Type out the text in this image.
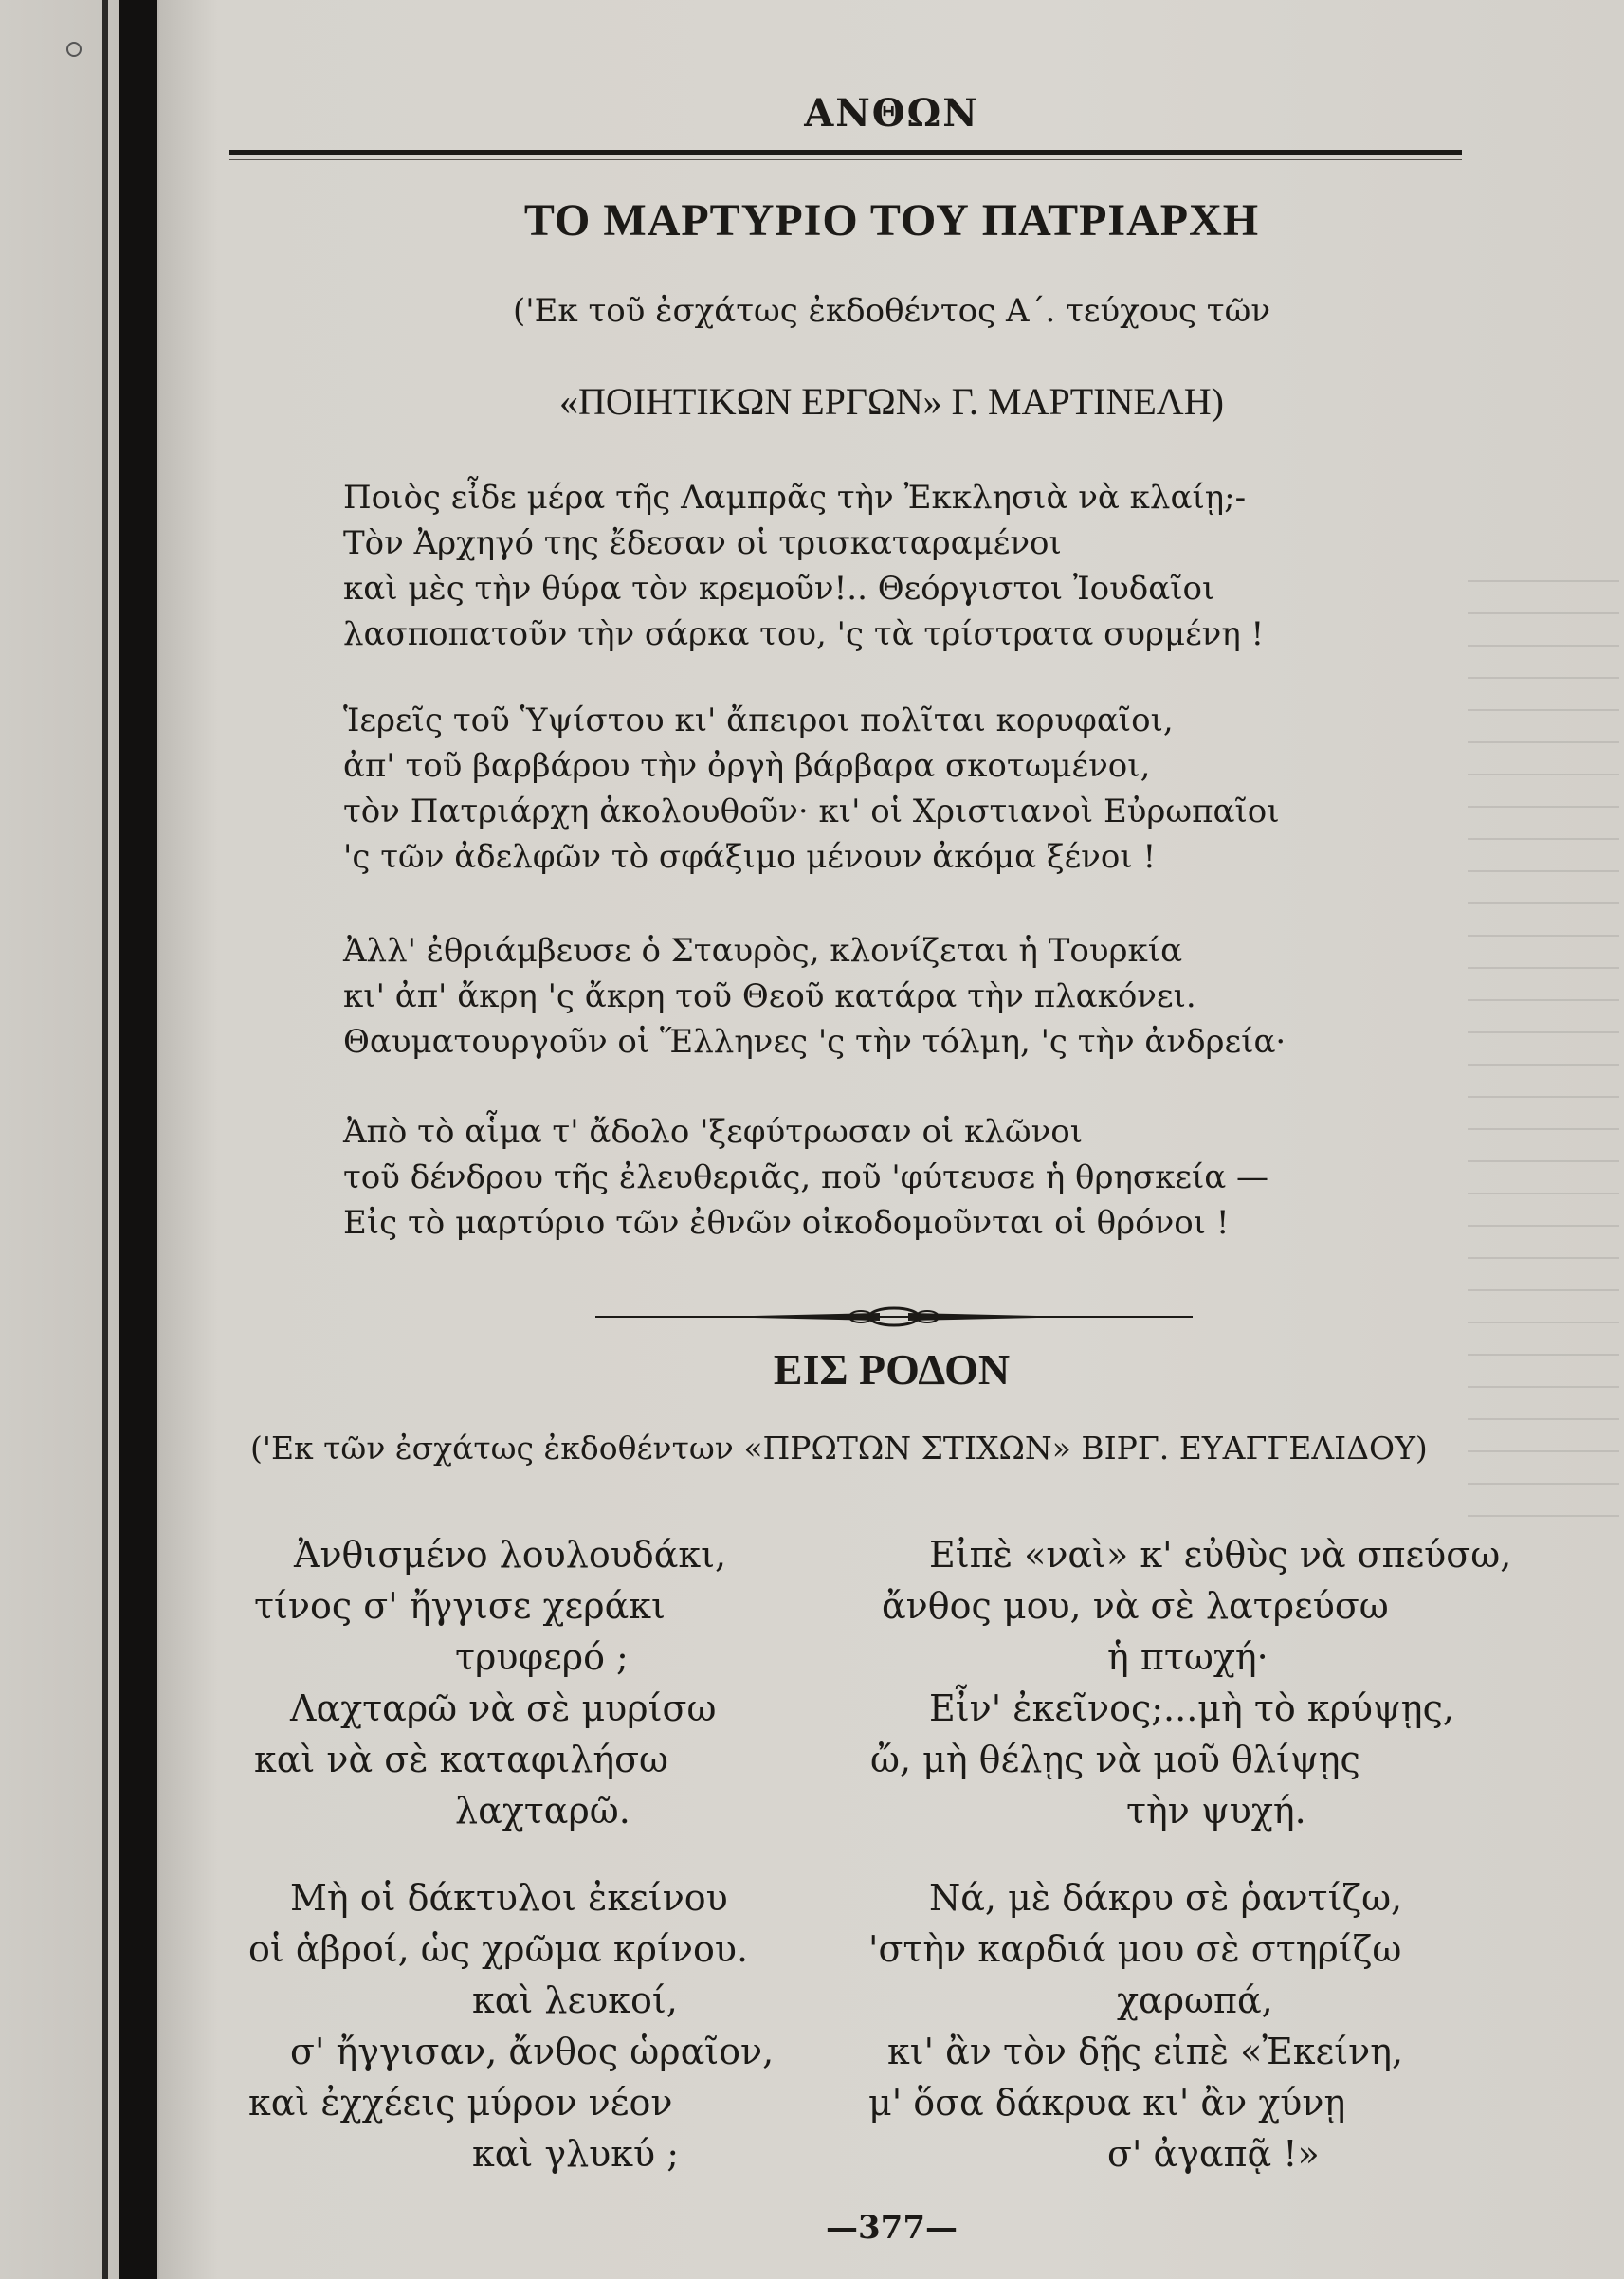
ΑΝΘΩΝ
ΤΟ ΜΑΡΤΥΡΙΟ ΤΟΥ ΠΑΤΡΙΑΡΧΗ
('Εκ τοῦ ἐσχάτως ἐκδοθέντος Α΄. τεύχους τῶν
«ΠΟΙΗΤΙΚΩΝ ΕΡΓΩΝ» Γ. ΜΑΡΤΙΝΕΛΗ)
Ποιὸς εἶδε μέρα τῆς Λαμπρᾶς τὴν Ἐκκλησιὰ νὰ κλαίῃ;-
Τὸν Ἀρχηγό της ἔδεσαν οἱ τρισκαταραμένοι
καὶ μὲς τὴν θύρα τὸν κρεμοῦν!.. Θεόργιστοι Ἰουδαῖοι
λασποπατοῦν τὴν σάρκα του, 'ς τὰ τρίστρατα συρμένη !
Ἱερεῖς τοῦ Ὑψίστου κι' ἄπειροι πολῖται κορυφαῖοι,
ἀπ' τοῦ βαρβάρου τὴν ὀργὴ βάρβαρα σκοτωμένοι,
τὸν Πατριάρχη ἀκολουθοῦν· κι' οἱ Χριστιανοὶ Εὐρωπαῖοι
'ς τῶν ἀδελφῶν τὸ σφάξιμο μένουν ἀκόμα ξένοι !
Ἀλλ' ἐθριάμβευσε ὁ Σταυρὸς, κλονίζεται ἡ Τουρκία
κι' ἀπ' ἄκρη 'ς ἄκρη τοῦ Θεοῦ κατάρα τὴν πλακόνει.
Θαυματουργοῦν οἱ Ἕλληνες 'ς τὴν τόλμη, 'ς τὴν ἀνδρεία·
Ἀπὸ τὸ αἷμα τ' ἄδολο 'ξεφύτρωσαν οἱ κλῶνοι
τοῦ δένδρου τῆς ἐλευθεριᾶς, ποῦ 'φύτευσε ἡ θρησκεία —
Εἰς τὸ μαρτύριο τῶν ἐθνῶν οἰκοδομοῦνται οἱ θρόνοι !
ΕΙΣ ΡΟΔΟΝ
('Εκ τῶν ἐσχάτως ἐκδοθέντων «ΠΡΩΤΩΝ ΣΤΙΧΩΝ» ΒΙΡΓ. ΕΥΑΓΓΕΛΙΔΟΥ)
Ἀνθισμένο λουλουδάκι,
τίνος σ' ἤγγισε χεράκι
τρυφερό ;
Λαχταρῶ νὰ σὲ μυρίσω
καὶ νὰ σὲ καταφιλήσω
λαχταρῶ.
Μὴ οἱ δάκτυλοι ἐκείνου
οἱ ἁβροί, ὡς χρῶμα κρίνου.
καὶ λευκοί,
σ' ἤγγισαν, ἄνθος ὡραῖον,
καὶ ἐχχέεις μύρον νέον
καὶ γλυκύ ;
Εἰπὲ «ναὶ» κ' εὐθὺς νὰ σπεύσω,
ἄνθος μου, νὰ σὲ λατρεύσω
ἡ πτωχή·
Εἶν' ἐκεῖνος;...μὴ τὸ κρύψῃς,
ὤ, μὴ θέλῃς νὰ μοῦ θλίψῃς
τὴν ψυχή.
Νά, μὲ δάκρυ σὲ ῥαντίζω,
'στὴν καρδιά μου σὲ στηρίζω
χαρωπά,
κι' ἂν τὸν δῇς εἰπὲ «Ἐκείνη,
μ' ὅσα δάκρυα κι' ἂν χύνῃ
σ' ἀγαπᾷ !»
—377—
